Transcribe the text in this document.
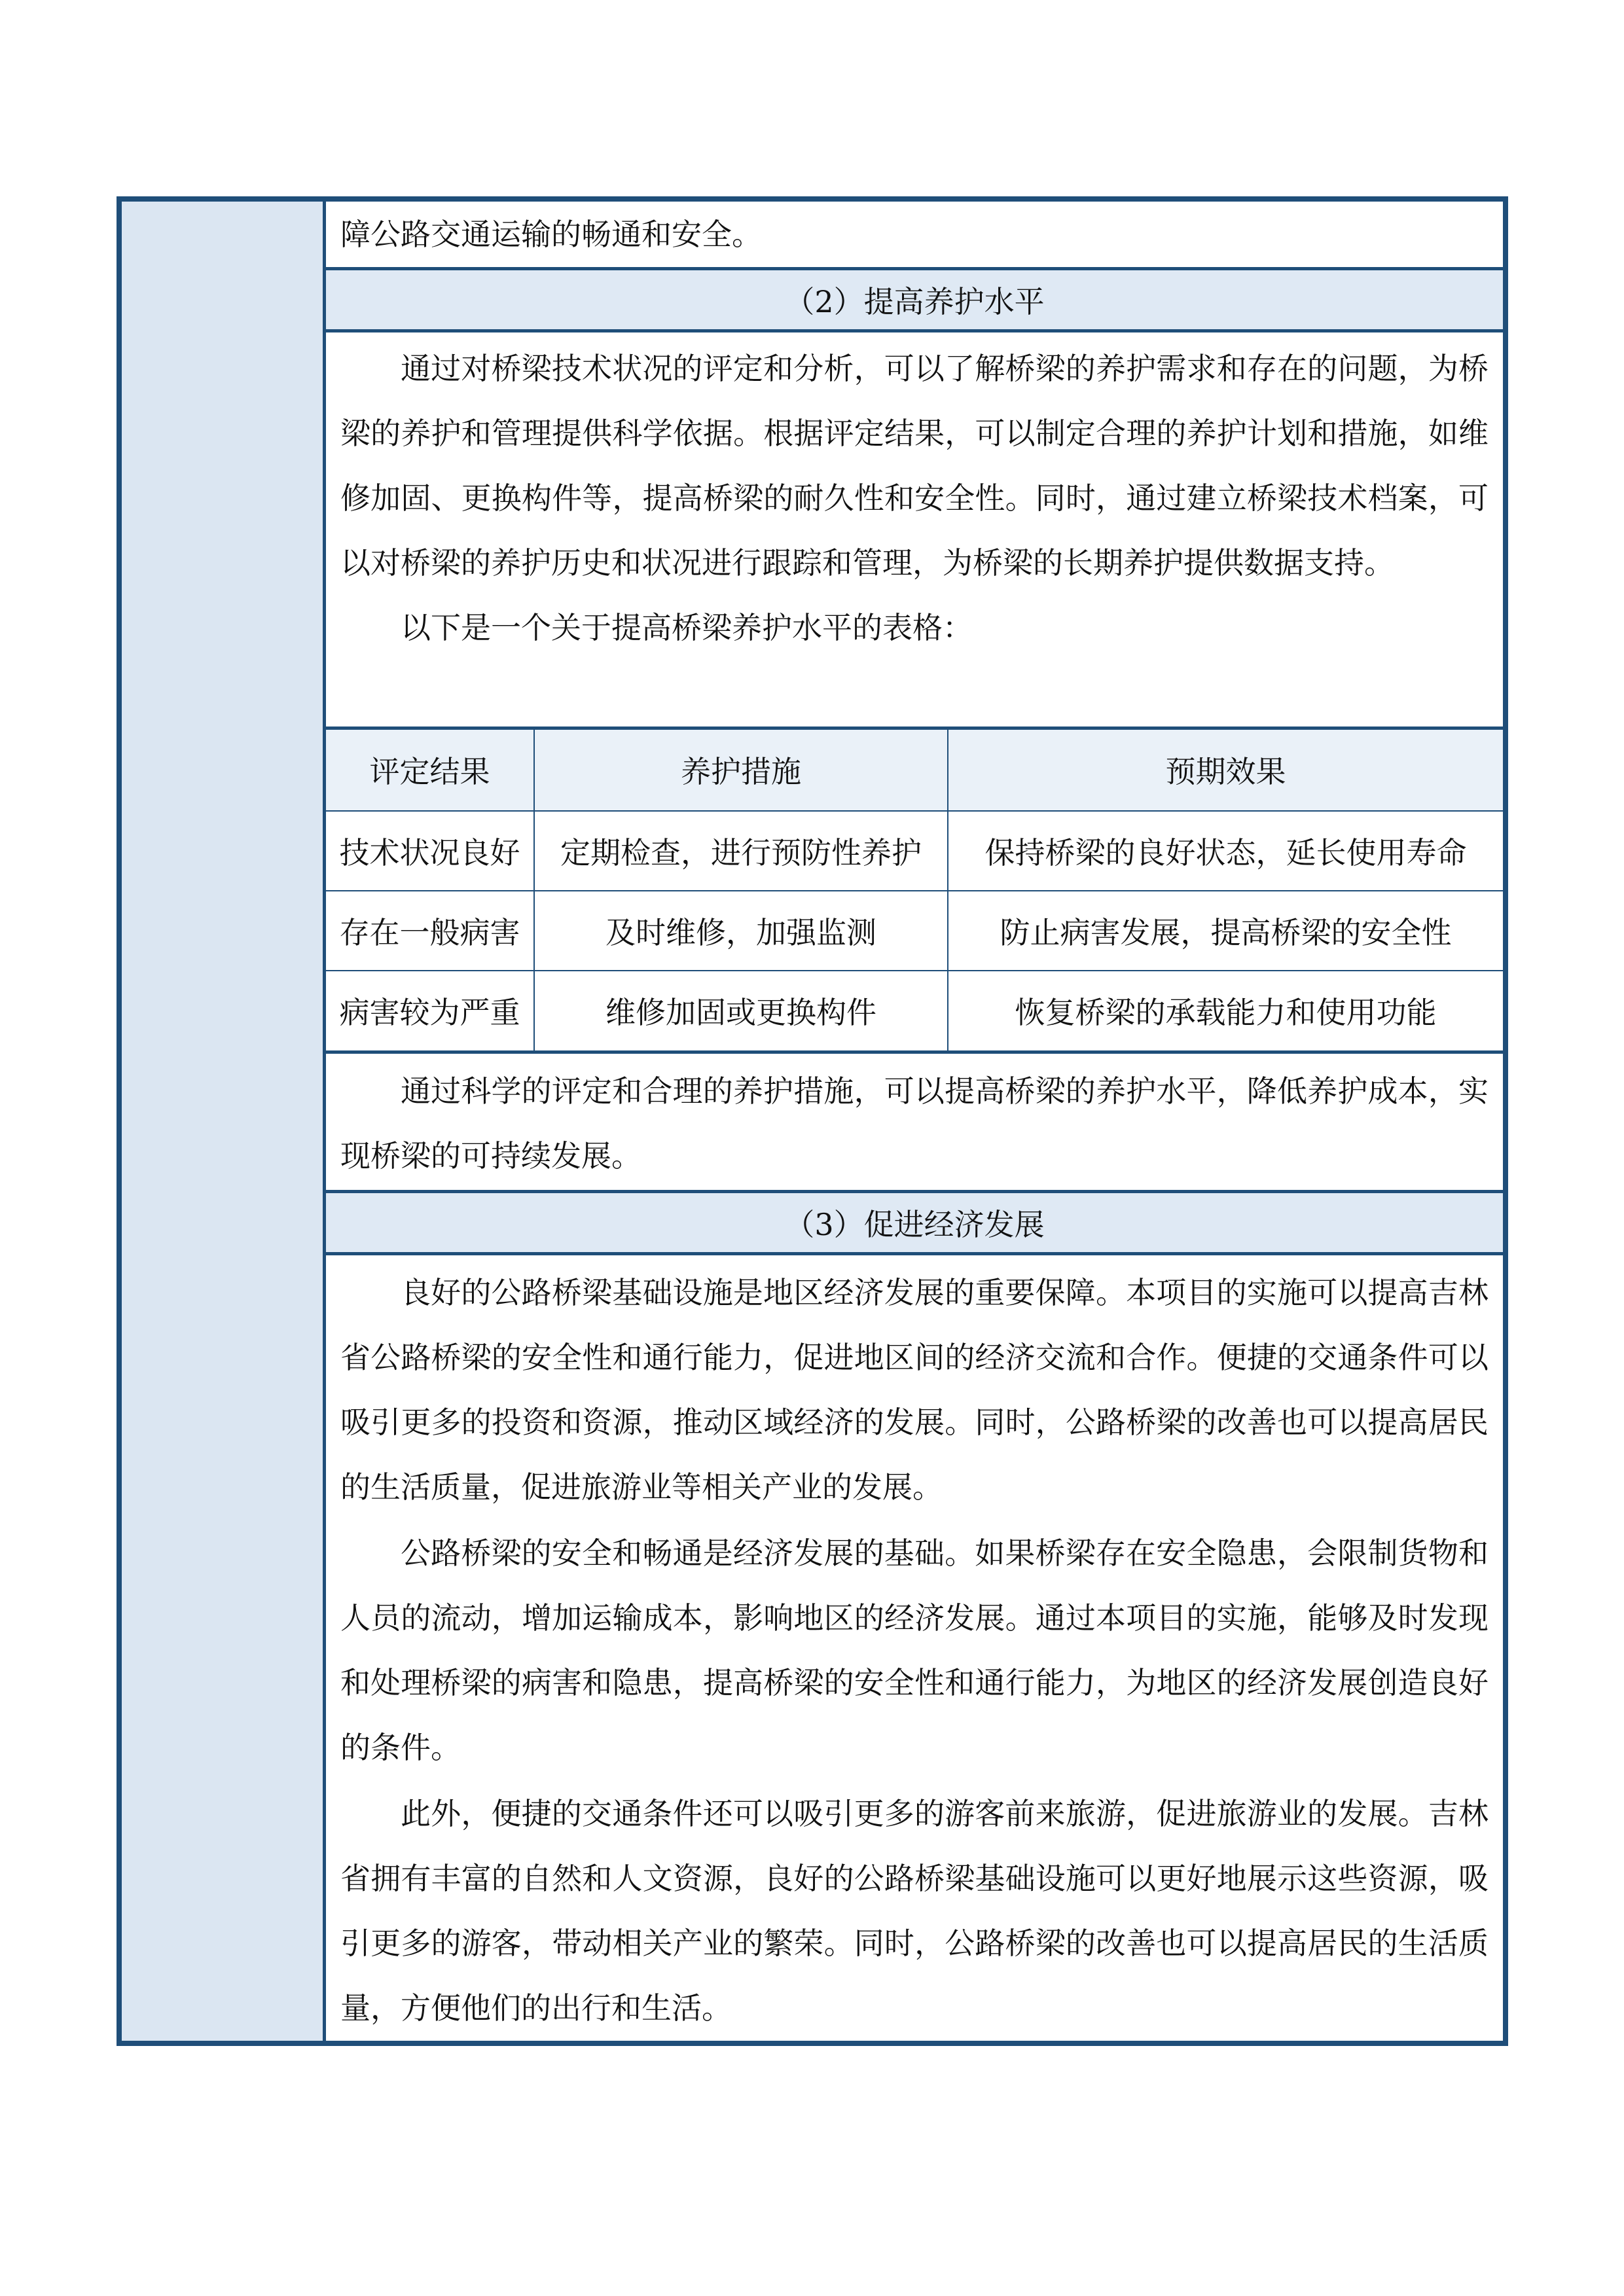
障公路交通运输的畅通和安全。

（2）提高养护水平

通过对桥梁技术状况的评定和分析，可以了解桥梁的养护需求和存在的问题，为桥梁的养护和管理提供科学依据。根据评定结果，可以制定合理的养护计划和措施，如维修加固、更换构件等，提高桥梁的耐久性和安全性。同时，通过建立桥梁技术档案，可以对桥梁的养护历史和状况进行跟踪和管理，为桥梁的长期养护提供数据支持。

以下是一个关于提高桥梁养护水平的表格：

评定结果	养护措施	预期效果
技术状况良好	定期检查，进行预防性养护	保持桥梁的良好状态，延长使用寿命
存在一般病害	及时维修，加强监测	防止病害发展，提高桥梁的安全性
病害较为严重	维修加固或更换构件	恢复桥梁的承载能力和使用功能

通过科学的评定和合理的养护措施，可以提高桥梁的养护水平，降低养护成本，实现桥梁的可持续发展。

（3）促进经济发展

良好的公路桥梁基础设施是地区经济发展的重要保障。本项目的实施可以提高吉林省公路桥梁的安全性和通行能力，促进地区间的经济交流和合作。便捷的交通条件可以吸引更多的投资和资源，推动区域经济的发展。同时，公路桥梁的改善也可以提高居民的生活质量，促进旅游业等相关产业的发展。

公路桥梁的安全和畅通是经济发展的基础。如果桥梁存在安全隐患，会限制货物和人员的流动，增加运输成本，影响地区的经济发展。通过本项目的实施，能够及时发现和处理桥梁的病害和隐患，提高桥梁的安全性和通行能力，为地区的经济发展创造良好的条件。

此外，便捷的交通条件还可以吸引更多的游客前来旅游，促进旅游业的发展。吉林省拥有丰富的自然和人文资源，良好的公路桥梁基础设施可以更好地展示这些资源，吸引更多的游客，带动相关产业的繁荣。同时，公路桥梁的改善也可以提高居民的生活质量，方便他们的出行和生活。
